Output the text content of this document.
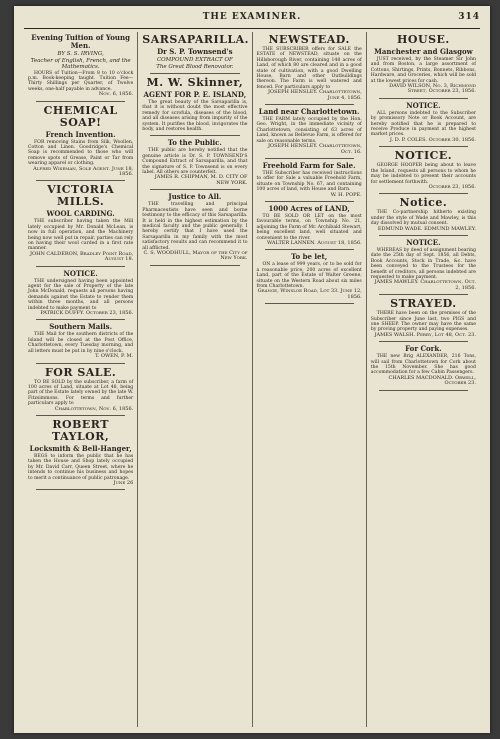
THE EXAMINER.	314
Evening Tuition of Young Men.
BY S. S. IRVING,
Teacher of English, French, and the Mathematics.
HOURS of Tuition—From 8 to 10 o'clock p.m. Book-keeping taught. Tuition Fee—Thirty Shillings per Quarter, of Twelve weeks, one-half payable in advance.
Nov. 6, 1856.
CHEMICAL SOAP!
French Invention.
FOR removing Stains from Silk, Woollen, Cotton and Linen. Goodridge's Chemical Soap is recommended to those who will remove spots of Grease, Paint or Tar from wearing apparel or clothing.
Alfred Wiseman, Sole Agent. June 18, 1856.
VICTORIA MILLS.
WOOL CARDING.
THE subscriber having taken the Mill lately occupied by Mr. Donald McLean, is now in full operation, and the Machinery being now well put in repair, parties can rely on having their wool carded in a first rate manner.
JOHN CALDERON, Bradley Point Road, August 18.
NOTICE.
THE undersigned having been appointed agent for the sale of Property of the late John McDonald, requests all persons having demands against the Estate to render them within three months, and all persons indebted to make payment to
PATRICK DUFFY. October 23, 1856.
Southern Mails.
THE Mail for the southern districts of the Island will be closed at the Post Office, Charlottetown, every Tuesday morning, and all letters must be put in by nine o'clock.
T. OWEN, P. M.
FOR SALE.
TO BE SOLD by the subscriber, a farm of 100 acres of Land, situate at Lot 48, being part of the Estate lately owned by the late W. Fitzsimmons. For terms and further particulars apply to
Charlottetown, Nov. 6, 1856.
ROBERT TAYLOR,
Locksmith & Bell-Hanger,
BEGS to inform the public that he has taken the House and Shop lately occupied by Mr. David Carr, Queen Street, where he intends to continue his business and hopes to merit a continuance of public patronage.
June 26
SARSAPARILLA.
Dr S. P. Townsend's
COMPOUND EXTRACT OF
The Great Blood Renovator.
M. W. Skinner,
AGENT FOR P. E. ISLAND,
The great beauty of the Sarsaparilla is, that it is without doubt the most effective remedy for scrofula, diseases of the blood, and all diseases arising from impurity of the system. It purifies the blood, invigorates the body, and restores health.
To the Public.
THE public are hereby notified that the genuine article is Dr. S. P. TOWNSEND'S Compound Extract of Sarsaparilla, and that the signature of S. P. Townsend is on every label. All others are counterfeit.
JAMES R. CHIPMAN, M. D. CITY OF NEW YORK.
Justice to All.
THE travelling and principal Pharmaceutists have seen and borne testimony to the efficacy of this Sarsaparilla. It is held in the highest estimation by the medical faculty and the public generally. I hereby certify that I have used the Sarsaparilla in my family with the most satisfactory results and can recommend it to all afflicted.
C. S. WOODHULL, Mayor of the City of New York.
NEWSTEAD.
THE SUBSCRIBER offers for SALE the ESTATE of NEWSTEAD, situate on the Hillsborough River, containing 148 acres of Land, of which 80 are cleared and in a good state of cultivation, with a good Dwelling House, Barn and other Outbuildings thereon. The Farm is well watered and fenced. For particulars apply to
JOSEPH HENSLEY. Charlottetown, June 4, 1856.
Land near Charlottetown.
THE FARM lately occupied by the Hon. Geo. Wright, in the immediate vicinity of Charlottetown, consisting of 63 acres of Land, known as Bellevue Farm, is offered for sale on reasonable terms.
JOSEPH HENSLEY. Charlottetown, Oct. 16.
Freehold Farm for Sale.
THE Subscriber has received instructions to offer for Sale a valuable Freehold Farm, situate on Township No. 67, and containing 100 acres of land, with House and Barn.
W. H. POPE.
1000 Acres of LAND,
TO BE SOLD OR LET on the most favourable terms, on Township No. 21, adjoining the Farm of Mr. Archibald Stewart, being excellent land, well situated and convenient to the river.
WALTER LANNEN. August 18, 1856.
To be let,
ON a lease of 999 years, or to be sold for a reasonable price, 200 acres of excellent Land, part of the Estate of Walter Greene, situate on the Western Road about six miles from Charlottetown.
Grange, Winsloe Road, Lot 33. June 12, 1856.
HOUSE.
Manchester and Glasgow
JUST received, by the Steamer Sir John and from Boston, a large assortment of Cottons, Shirtings, Prints, Bonnets, Ribbons, Hardware, and Groceries, which will be sold at the lowest prices for cash.
DAVID WILSON, No. 3, Richmond Street, October 23, 1856.
NOTICE.
ALL persons indebted to the Subscriber by promissory Note or Book Account, are hereby notified that he is prepared to receive Produce in payment at the highest market prices.
J. D. P. COLES. October 30, 1856.
NOTICE.
GEORGE HOOPER being about to leave the Island, requests all persons to whom he may be indebted to present their accounts for settlement forthwith.
October 23, 1856.
Notice.
THE Co-partnership hitherto existing under the style of Wade and Mawley, is this day dissolved by mutual consent.
EDMUND WADE. EDMUND MAWLEY.
NOTICE.
WHEREAS by deed of assignment bearing date the 25th day of Sept. 1856, all Debts, Book Accounts, Stock in Trade, &c. have been conveyed to the Trustees for the benefit of creditors, all persons indebted are requested to make payment.
JAMES MAWLEY. Charlottetown, Oct. 2, 1856.
STRAYED.
THERE have been on the premises of the Subscriber since June last, two PIGS and one SHEEP. The owner may have the same by proving property and paying expenses.
JAMES WALSH. Perry, Lot 48, Oct. 23.
For Cork.
THE new Brig ALEXANDER, 216 Tons, will sail from Charlottetown for Cork about the 15th November. She has good accommodation for a few Cabin Passengers.
CHARLES MACDONALD. Orwell, October 23.
